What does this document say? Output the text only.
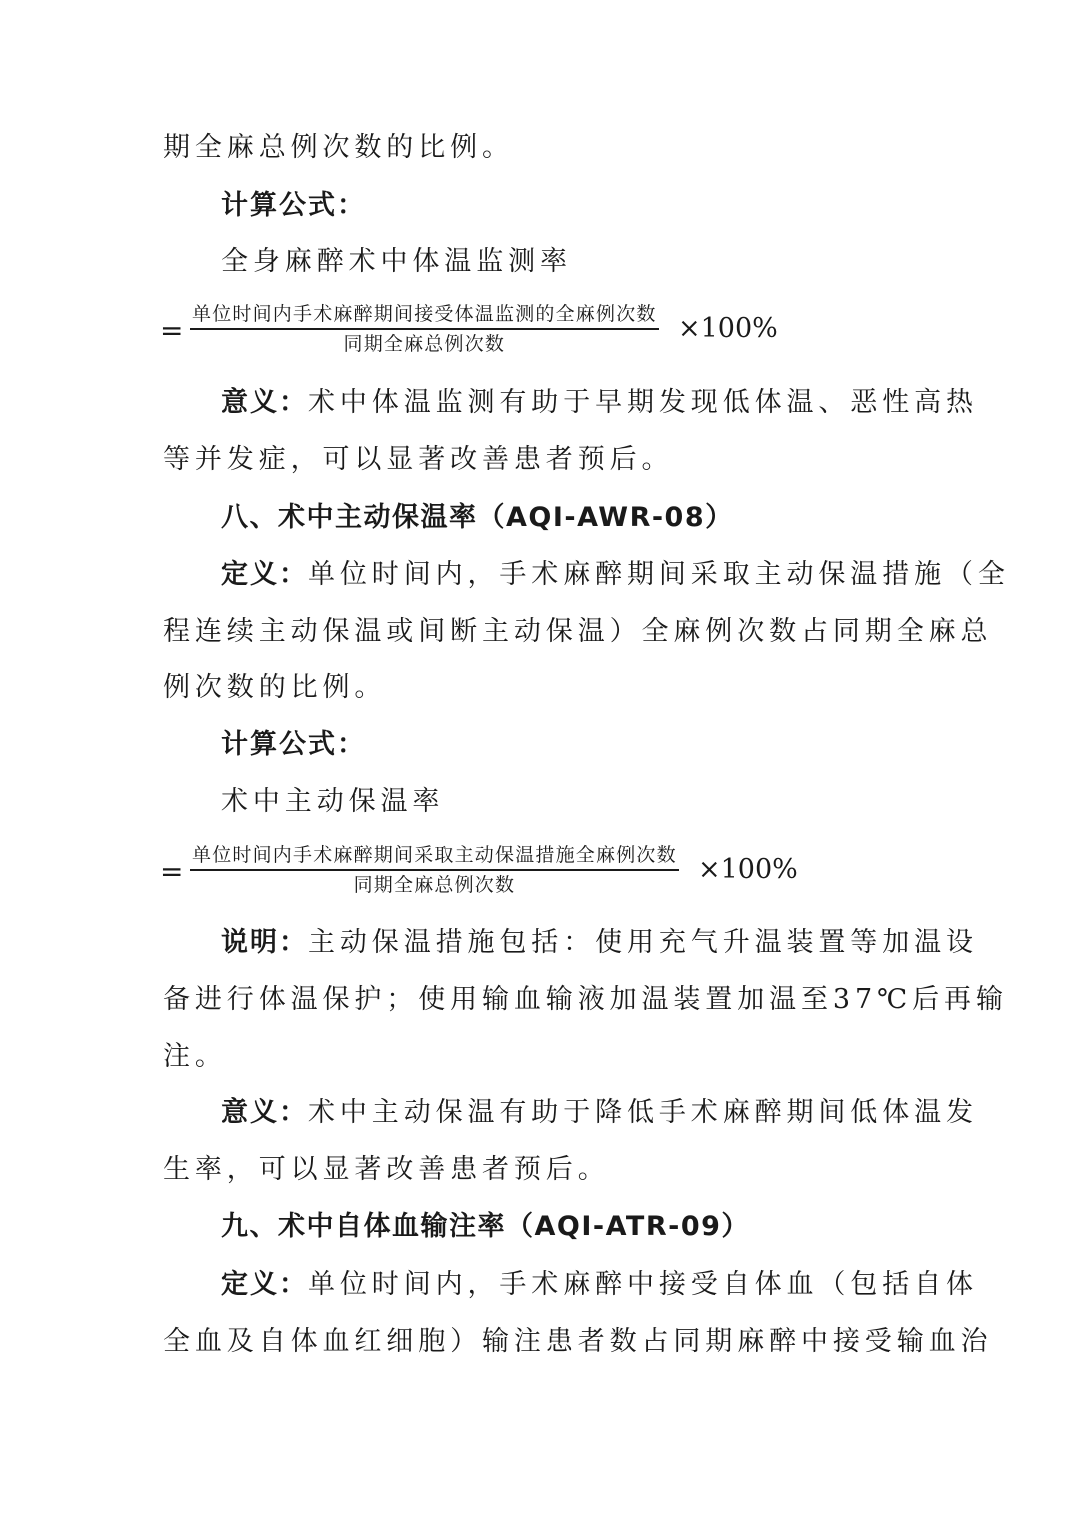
期全麻总例次数的比例。
计算公式：
全身麻醉术中体温监测率
= 单位时间内手术麻醉期间接受体温监测的全麻例次数
同期全麻总例次数	×100%
意义：术中体温监测有助于早期发现低体温、恶性高热
等并发症，可以显著改善患者预后。
八、术中主动保温率（AQI-AWR-08）
定义：单位时间内，手术麻醉期间采取主动保温措施（全
程连续主动保温或间断主动保温）全麻例次数占同期全麻总
例次数的比例。
计算公式：
术中主动保温率
= 单位时间内手术麻醉期间采取主动保温措施全麻例次数
同期全麻总例次数	×100%
说明：主动保温措施包括：使用充气升温装置等加温设
备进行体温保护；使用输血输液加温装置加温至37℃后再输
注。
意义：术中主动保温有助于降低手术麻醉期间低体温发
生率，可以显著改善患者预后。
九、术中自体血输注率（AQI-ATR-09）
定义：单位时间内，手术麻醉中接受自体血（包括自体
全血及自体血红细胞）输注患者数占同期麻醉中接受输血治
